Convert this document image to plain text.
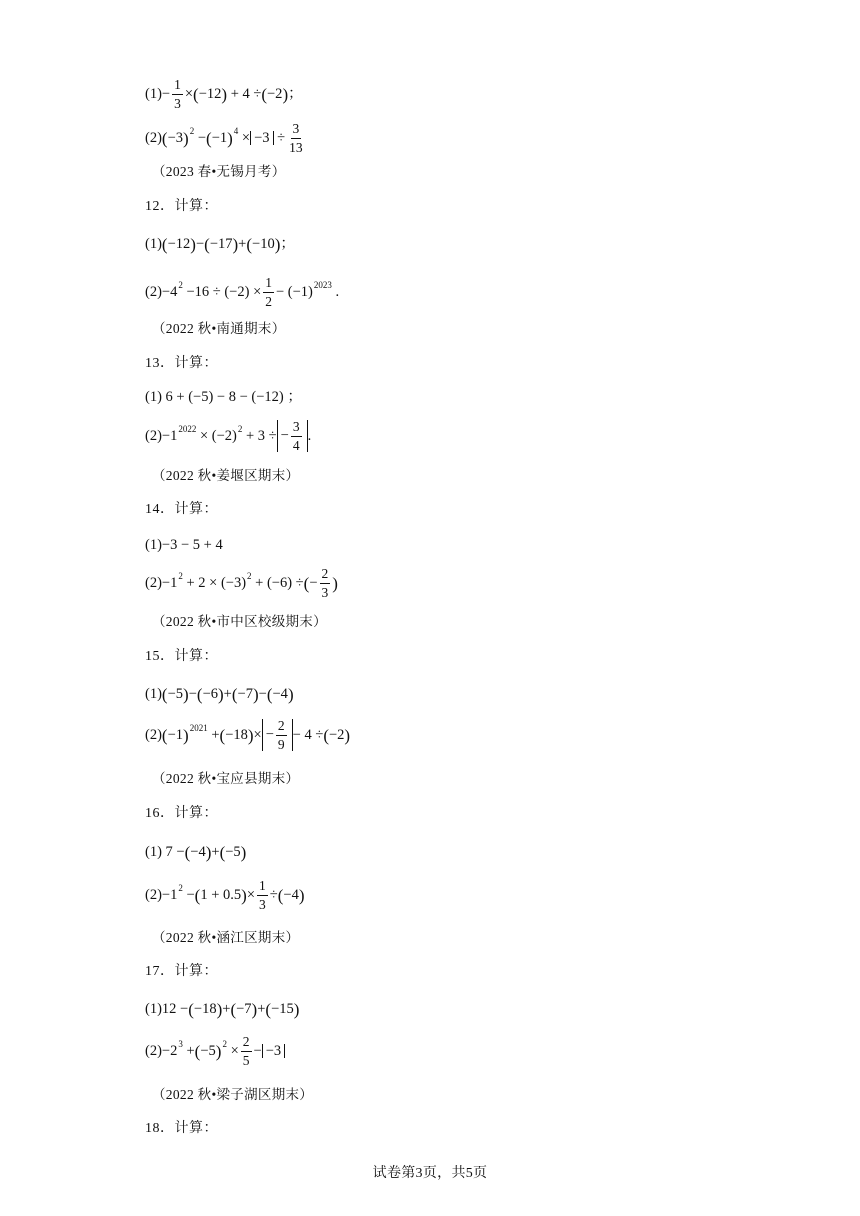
$(1)- \frac{1}{3}$ × ( −12 ) + 4 ÷ ( −2 ) ；
(2) ( −3 ) 2 − ( −1 ) $4 \times -3 \div \frac{3}{13}$
（2023 春•无锡月考）
12．计算：
(1) ( −12 ) − ( −17 ) + ( −10 ) ；
(2)−4 $2 -16 \div (-2) \times \frac{1}{2} - (-1)$ 2023 .
（2022 秋•南通期末）
13．计算：
(1) 6 + (−5) − 8 − (−12) ；
(2)−1 2022 × (−2) 2 + 3 ÷ − $\frac{3}{4}$ .
（2022 秋•姜堰区期末）
14．计算：
(1)−3 − 5 + 4
(2)−1 2 + 2 × (−3) 2 + (−6) ÷ ( − $\frac{2}{3}$ )
（2022 秋•市中区校级期末）
15．计算：
(1) ( −5 ) − ( −6 ) + ( −7 ) − ( −4 )
(2) ( −1 ) 2021 + ( −18 ) × − $\frac{2}{9} - 4$ ÷ ( −2 )
（2022 秋•宝应县期末）
16．计算：
(1) 7 − ( −4 ) + ( −5 )
(2)−1 2 − ( 1 + 0.5 ) × $\frac{1}{3}$ ÷ ( −4 )
（2022 秋•涵江区期末）
17．计算：
(1)12 − ( −18 ) + ( −7 ) + ( −15 )
(2)−2 3 + ( −5 ) $2 \times \frac{2}{5} - -3$
（2022 秋•梁子湖区期末）
18．计算：
试卷第3页，共5页
